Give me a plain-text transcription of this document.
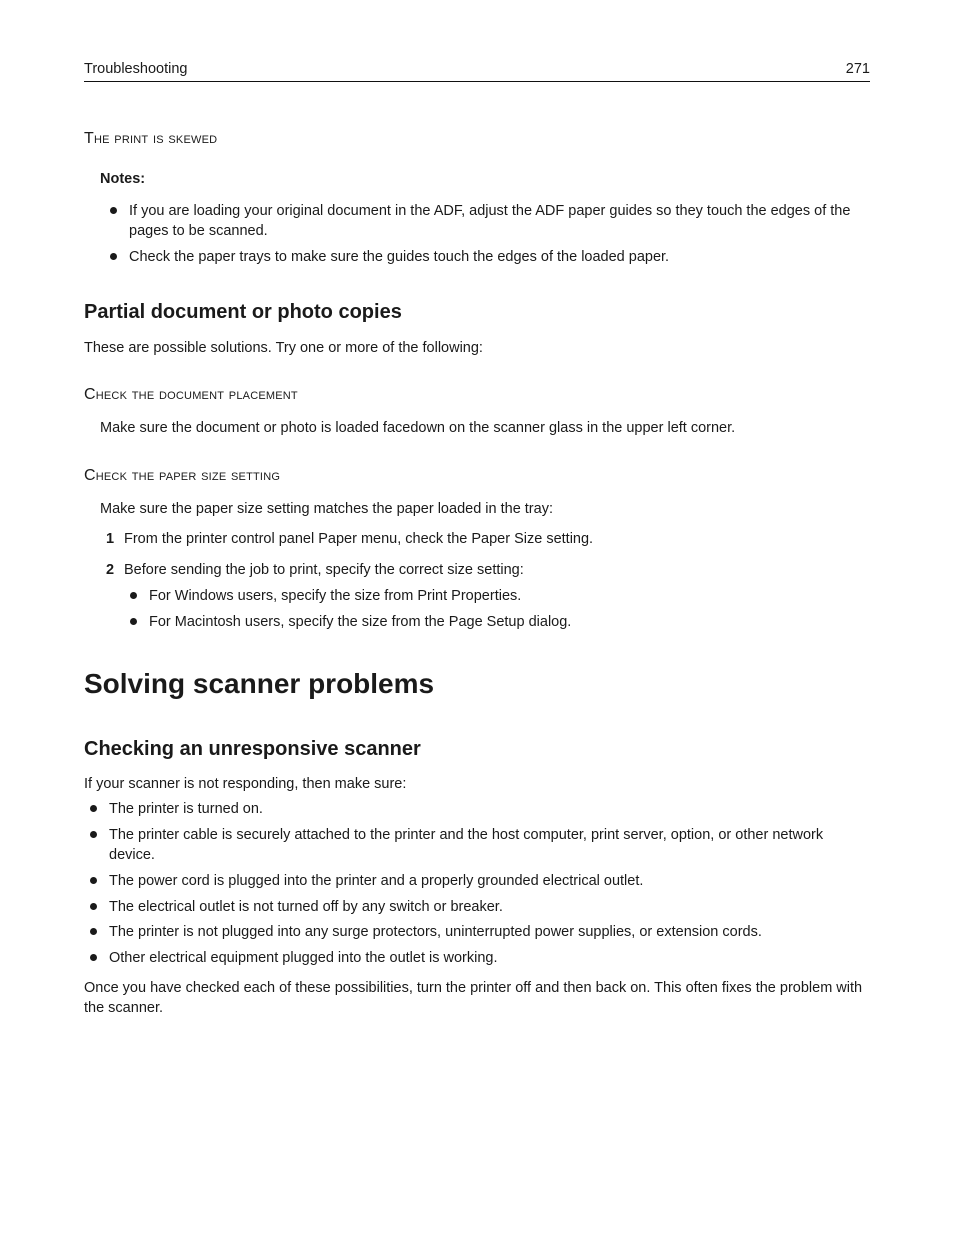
Troubleshooting	271
The print is skewed
Notes:
If you are loading your original document in the ADF, adjust the ADF paper guides so they touch the edges of the pages to be scanned.
Check the paper trays to make sure the guides touch the edges of the loaded paper.
Partial document or photo copies
These are possible solutions. Try one or more of the following:
Check the document placement
Make sure the document or photo is loaded facedown on the scanner glass in the upper left corner.
Check the paper size setting
Make sure the paper size setting matches the paper loaded in the tray:
1 From the printer control panel Paper menu, check the Paper Size setting.
2 Before sending the job to print, specify the correct size setting:
For Windows users, specify the size from Print Properties.
For Macintosh users, specify the size from the Page Setup dialog.
Solving scanner problems
Checking an unresponsive scanner
If your scanner is not responding, then make sure:
The printer is turned on.
The printer cable is securely attached to the printer and the host computer, print server, option, or other network device.
The power cord is plugged into the printer and a properly grounded electrical outlet.
The electrical outlet is not turned off by any switch or breaker.
The printer is not plugged into any surge protectors, uninterrupted power supplies, or extension cords.
Other electrical equipment plugged into the outlet is working.
Once you have checked each of these possibilities, turn the printer off and then back on. This often fixes the problem with the scanner.
